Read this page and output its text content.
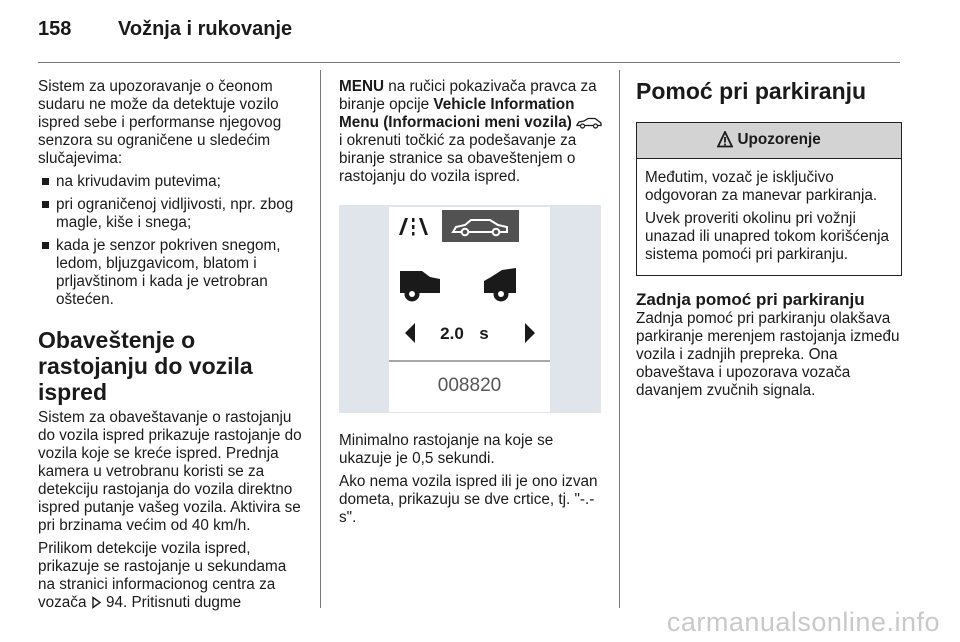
158 Vožnja i rukovanje

Sistem za upozoravanje o čeonom sudaru ne može da detektuje vozilo ispred sebe i performanse njegovog senzora su ograničene u sledećim slučajevima:

na krivudavim putevima;
pri ograničenoj vidljivosti, npr. zbog magle, kiše i snega;
kada je senzor pokriven snegom, ledom, bljuzgavicom, blatom i prljavštinom i kada je vetrobran oštećen.
Obaveštenje o rastojanju do vozila ispred

Sistem za obaveštavanje o rastojanju do vozila ispred prikazuje rastojanje do vozila koje se kreće ispred. Prednja kamera u vetrobranu koristi se za detekciju rastojanja do vozila direktno ispred putanje vašeg vozila. Aktivira se pri brzinama većim od 40 km/h.

Prilikom detekcije vozila ispred, prikazuje se rastojanje u sekundama na stranici informacionog centra za vozača 94. Pritisnuti dugme

MENU na ručici pokazivača pravca za biranje opcije Vehicle Information Menu (Informacioni meni vozila)  i okrenuti točkić za podešavanje za biranje stranice sa obaveštenjem o rastojanju do vozila ispred.

2.0 s
008820

Minimalno rastojanje na koje se ukazuje je 0,5 sekundi.

Ako nema vozila ispred ili je ono izvan dometa, prikazuju se dve crtice, tj. "-.- s".

Pomoć pri parkiranju
Upozorenje

Međutim, vozač je isključivo odgovoran za manevar parkiranja.

Uvek proveriti okolinu pri vožnji unazad ili unapred tokom korišćenja sistema pomoći pri parkiranju.

Zadnja pomoć pri parkiranju

Zadnja pomoć pri parkiranju olakšava parkiranje merenjem rastojanja između vozila i zadnjih prepreka. Ona obaveštava i upozorava vozača davanjem zvučnih signala.

carmanualsonline.info
